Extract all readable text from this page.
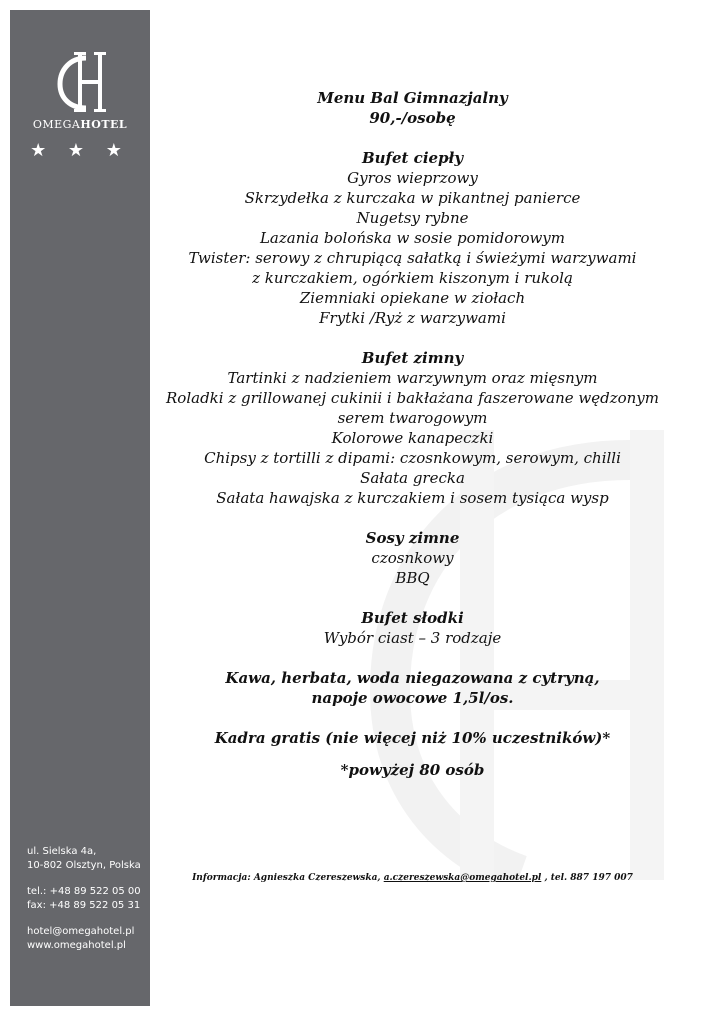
OMEGAHOTEL
★ ★ ★
ul. Sielska 4a,
10-802 Olsztyn, Polska
tel.: +48 89 522 05 00
fax: +48 89 522 05 31
hotel@omegahotel.pl
www.omegahotel.pl
Menu Bal Gimnazjalny
90,-/osobę
Bufet ciepły
Gyros wieprzowy
Skrzydełka z kurczaka w pikantnej panierce
Nugetsy rybne
Lazania bolońska w sosie pomidorowym
Twister: serowy z chrupiącą sałatką i świeżymi warzywami
z kurczakiem, ogórkiem kiszonym i rukolą
Ziemniaki opiekane w ziołach
Frytki /Ryż z warzywami
Bufet zimny
Tartinki z nadzieniem warzywnym oraz mięsnym
Roladki z grillowanej cukinii i bakłażana faszerowane wędzonym
serem twarogowym
Kolorowe kanapeczki
Chipsy z tortilli z dipami: czosnkowym, serowym, chilli
Sałata grecka
Sałata hawajska z kurczakiem i sosem tysiąca wysp
Sosy zimne
czosnkowy
BBQ
Bufet słodki
Wybór ciast – 3 rodzaje
Kawa, herbata, woda niegazowana z cytryną,
napoje owocowe 1,5l/os.
Kadra gratis (nie więcej niż 10% uczestników)*
*powyżej 80 osób
Informacja: Agnieszka Czereszewska, a.czereszewska@omegahotel.pl , tel. 887 197 007
